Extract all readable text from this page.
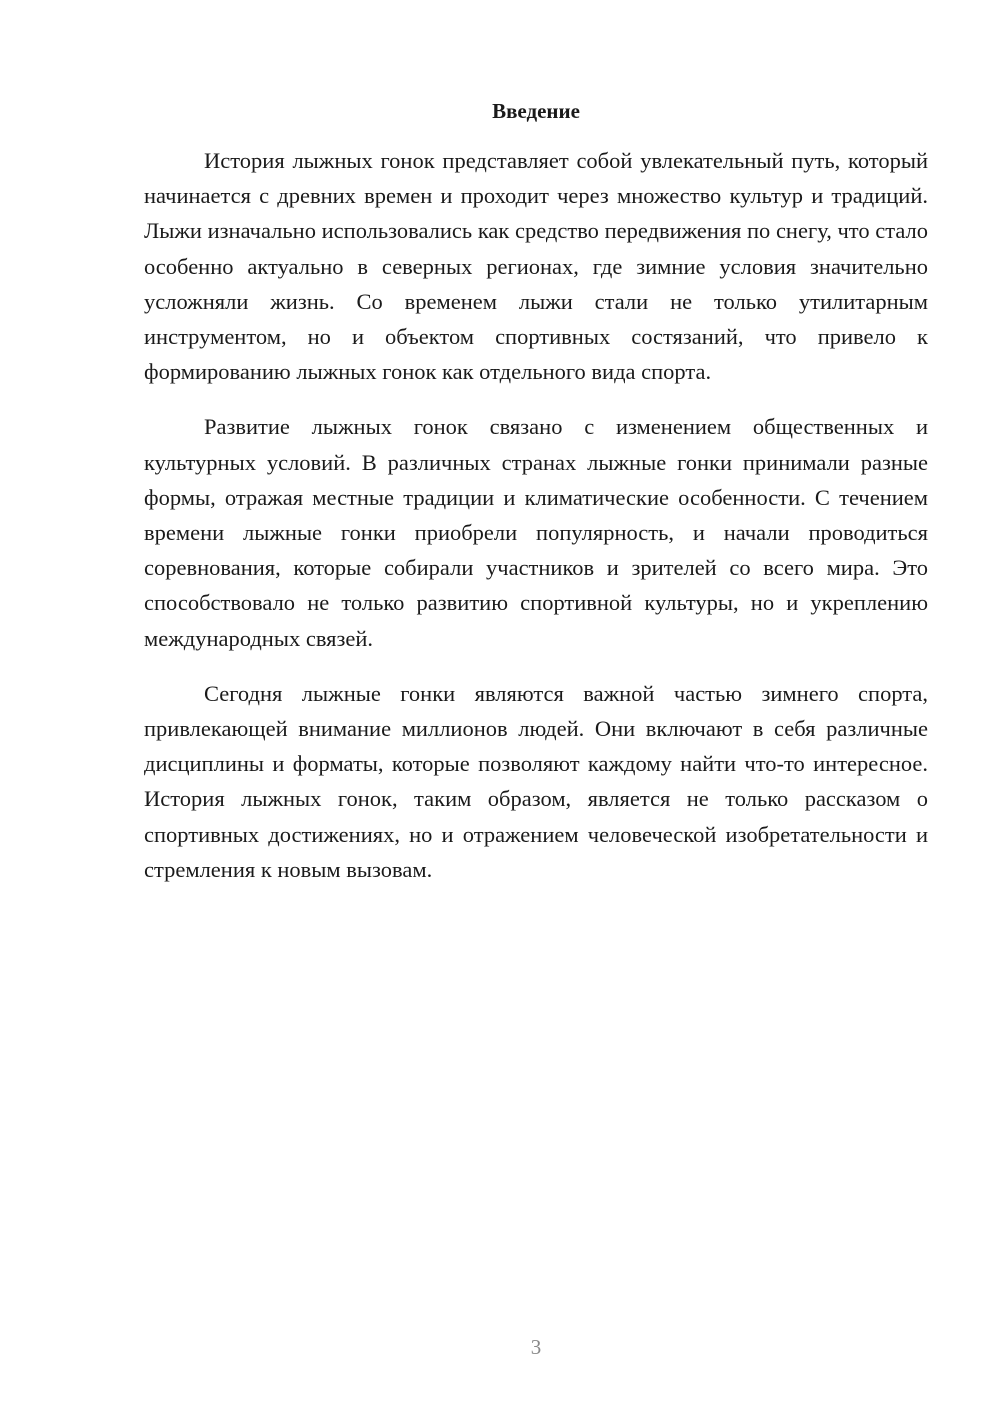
Введение

История лыжных гонок представляет собой увлекательный путь, который начинается с древних времен и проходит через множество культур и традиций. Лыжи изначально использовались как средство передвижения по снегу, что стало особенно актуально в северных регионах, где зимние условия значительно усложняли жизнь. Со временем лыжи стали не только утилитарным инструментом, но и объектом спортивных состязаний, что привело к формированию лыжных гонок как отдельного вида спорта.

Развитие лыжных гонок связано с изменением общественных и культурных условий. В различных странах лыжные гонки принимали разные формы, отражая местные традиции и климатические особенности. С течением времени лыжные гонки приобрели популярность, и начали проводиться соревнования, которые собирали участников и зрителей со всего мира. Это способствовало не только развитию спортивной культуры, но и укреплению международных связей.

Сегодня лыжные гонки являются важной частью зимнего спорта, привлекающей внимание миллионов людей. Они включают в себя различные дисциплины и форматы, которые позволяют каждому найти что-то интересное. История лыжных гонок, таким образом, является не только рассказом о спортивных достижениях, но и отражением человеческой изобретательности и стремления к новым вызовам.

3
